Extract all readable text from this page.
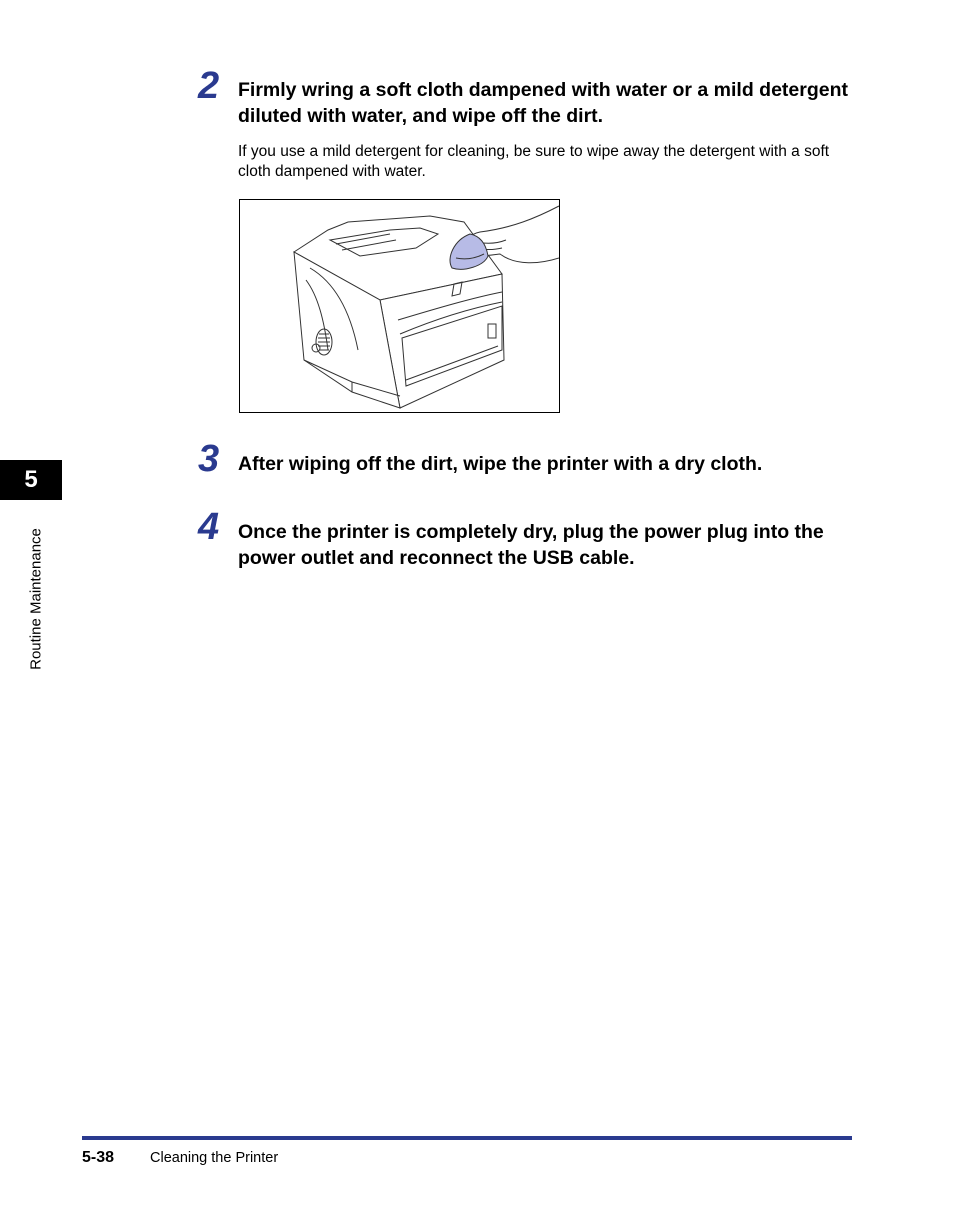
2 Firmly wring a soft cloth dampened with water or a mild detergent diluted with water, and wipe off the dirt.

If you use a mild detergent for cleaning, be sure to wipe away the detergent with a soft cloth dampened with water.

3 After wiping off the dirt, wipe the printer with a dry cloth.

4 Once the printer is completely dry, plug the power plug into the power outlet and reconnect the USB cable.

5
Routine Maintenance
5-38 Cleaning the Printer
